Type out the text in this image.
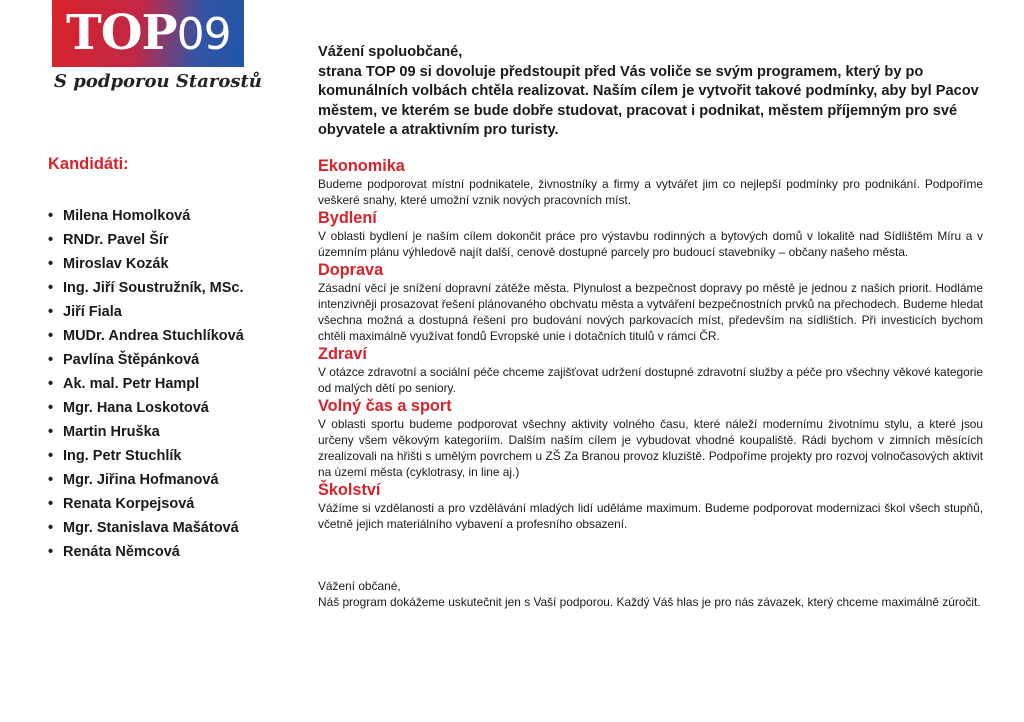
TOP09
S podporou Starostů
Kandidáti:
• Milena Homolková
• RNDr. Pavel Šír
• Miroslav Kozák
• Ing. Jiří Soustružník, MSc.
• Jiří Fiala
• MUDr. Andrea Stuchlíková
• Pavlína Štěpánková
• Ak. mal. Petr Hampl
• Mgr. Hana Loskotová
• Martin Hruška
• Ing. Petr Stuchlík
• Mgr. Jiřina Hofmanová
• Renata Korpejsová
• Mgr. Stanislava Mašátová
• Renáta Němcová

Vážení spoluobčané,

strana TOP 09 si dovoluje předstoupit před Vás voliče se svým programem, který by po komunálních volbách chtěla realizovat. Naším cílem je vytvořit takové podmínky, aby byl Pacov městem, ve kterém se bude dobře studovat, pracovat i podnikat, městem příjemným pro své obyvatele a atraktivním pro turisty.

Ekonomika

Budeme podporovat místní podnikatele, živnostníky a firmy a vytvářet jim co nejlepší podmínky pro podnikání. Podpoříme veškeré snahy, které umožní vznik nových pracovních míst.

Bydlení

V oblasti bydlení je naším cílem dokončit práce pro výstavbu rodinných a bytových domů v lokalitě nad Sídlištěm Míru a v územním plánu výhledově najít další, cenově dostupné parcely pro budoucí stavebníky – občany našeho města.

Doprava

Zásadní věcí je snížení dopravní zátěže města. Plynulost a bezpečnost dopravy po městě je jednou z našich priorit. Hodláme intenzivněji prosazovat řešení plánovaného obchvatu města a vytváření bezpečnostních prvků na přechodech. Budeme hledat všechna možná a dostupná řešení pro budování nových parkovacích míst, především na sídlištích. Při investicích bychom chtěli maximálně využívat fondů Evropské unie i dotačních titulů v rámci ČR.

Zdraví

V otázce zdravotní a sociální péče chceme zajišťovat udržení dostupné zdravotní služby a péče pro všechny věkové kategorie od malých dětí po seniory.

Volný čas a sport

V oblasti sportu budeme podporovat všechny aktivity volného času, které náleží modernímu životnímu stylu, a které jsou určeny všem věkovým kategoriím. Dalším naším cílem je vybudovat vhodné koupaliště. Rádi bychom v zimních měsících zrealizovali na hřišti s umělým povrchem u ZŠ Za Branou provoz kluziště. Podpoříme projekty pro rozvoj volnočasových aktivit na území města (cyklotrasy, in line aj.)

Školství

Vážíme si vzdělanosti a pro vzdělávání mladých lidí uděláme maximum. Budeme podporovat modernizaci škol všech stupňů, včetně jejich materiálního vybavení a profesního obsazení.

Vážení občané,

Náš program dokážeme uskutečnit jen s Vaší podporou. Každý Váš hlas je pro nás závazek, který chceme maximálně zúročit.
